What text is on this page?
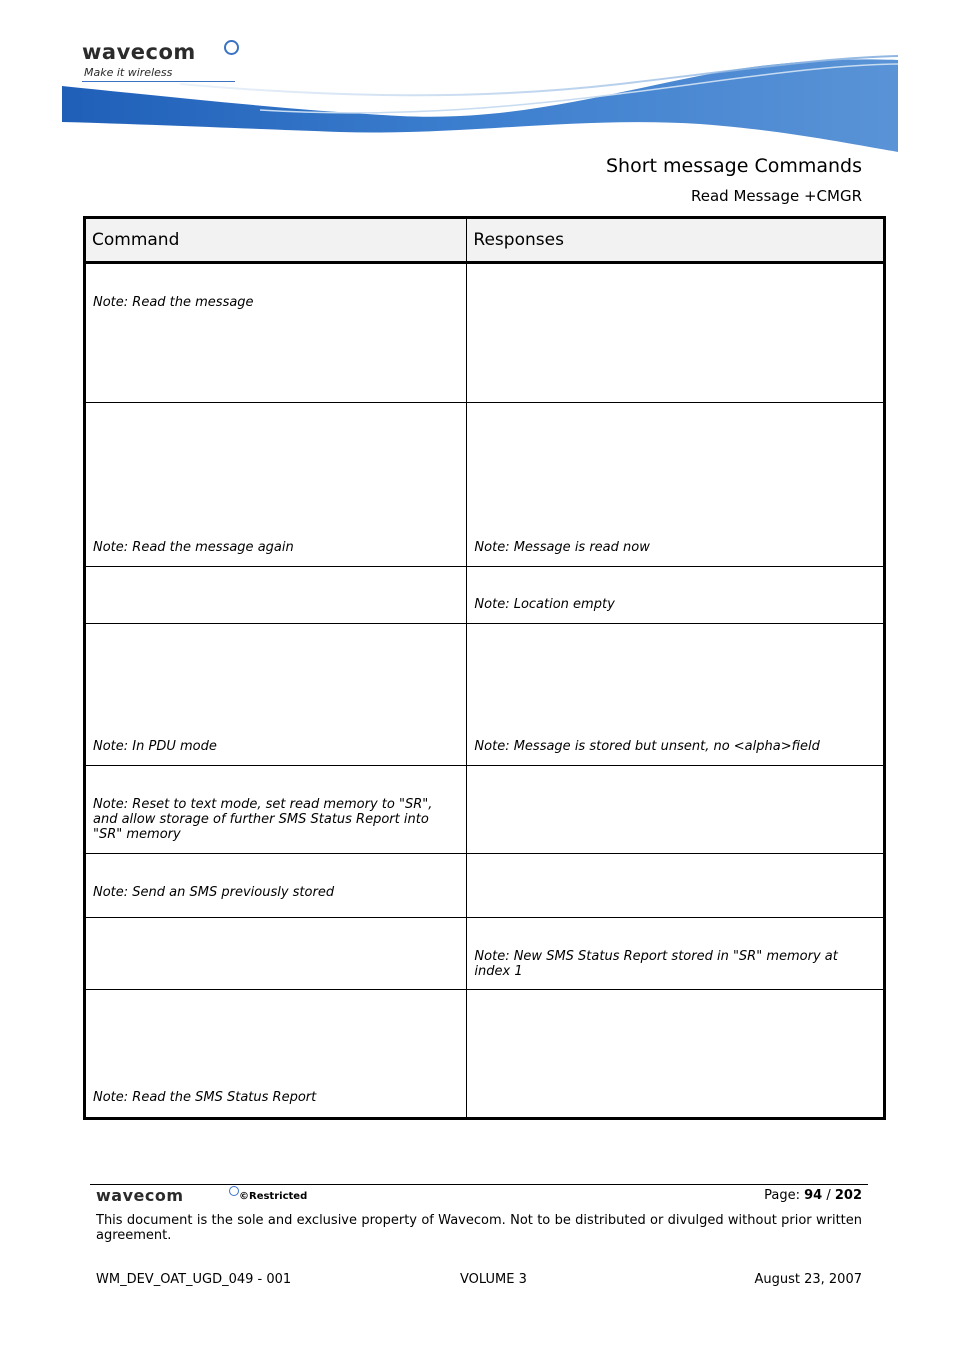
wavecom
Make it wireless
Short message Commands
Read Message +CMGR
Command	Responses

Note: Read the message	

Note: Read the message again	Note: Message is read now

	Note: Location empty

Note: In PDU mode	Note: Message is stored but unsent, no <alpha>field

Note: Reset to text mode, set read memory to "SR", and allow storage of further SMS Status Report into "SR" memory	

Note: Send an SMS previously stored	

	Note: New SMS Status Report stored in "SR" memory at index 1

Note: Read the SMS Status Report	

wavecom	©Restricted	Page: 94 / 202
This document is the sole and exclusive property of Wavecom. Not to be distributed or divulged without prior written agreement.
WM_DEV_OAT_UGD_049 - 001	VOLUME 3	August 23, 2007
